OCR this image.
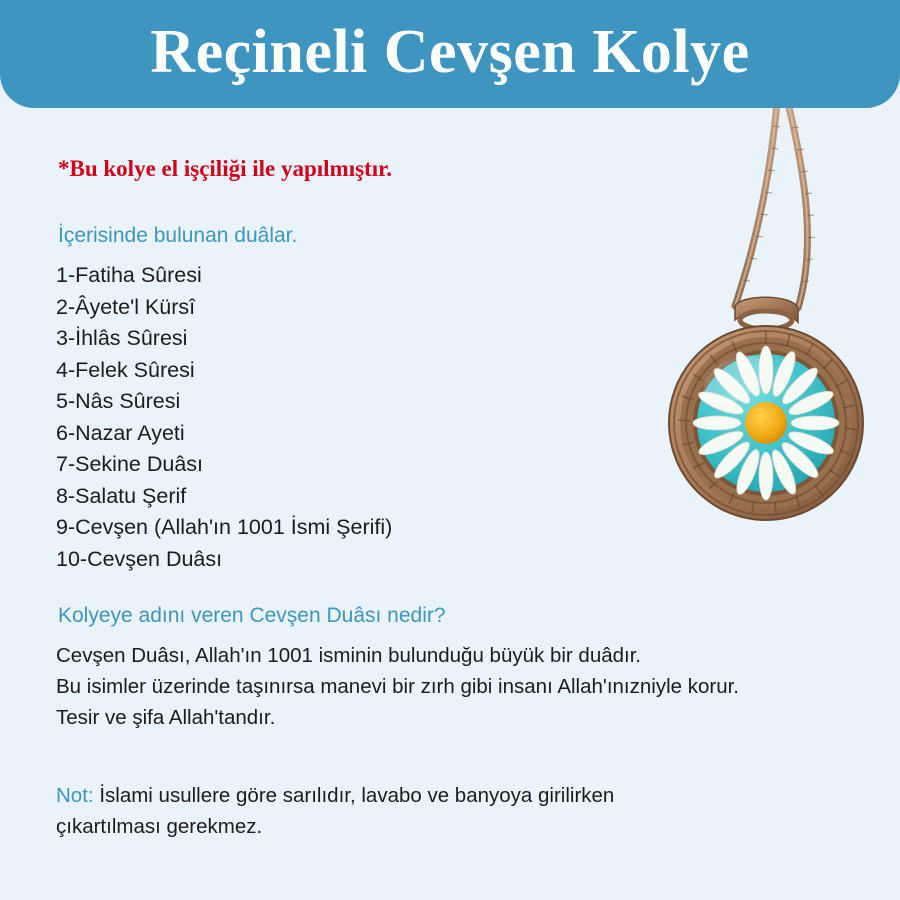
Reçineli Cevşen Kolye
*Bu kolye el işçiliği ile yapılmıştır.
İçerisinde bulunan duâlar.
1-Fatiha Sûresi
2-Âyete'l Kürsî
3-İhlâs Sûresi
4-Felek Sûresi
5-Nâs Sûresi
6-Nazar Ayeti
7-Sekine Duâsı
8-Salatu Şerif
9-Cevşen (Allah'ın 1001 İsmi Şerifi)
10-Cevşen Duâsı
Kolyeye adını veren Cevşen Duâsı nedir?

Cevşen Duâsı, Allah'ın 1001 isminin bulunduğu büyük bir duâdır.

Bu isimler üzerinde taşınırsa manevi bir zırh gibi insanı Allah'ınızniyle korur.

Tesir ve şifa Allah'tandır.

Not: İslami usullere göre sarılıdır, lavabo ve banyoya girilirken
çıkartılması gerekmez.
